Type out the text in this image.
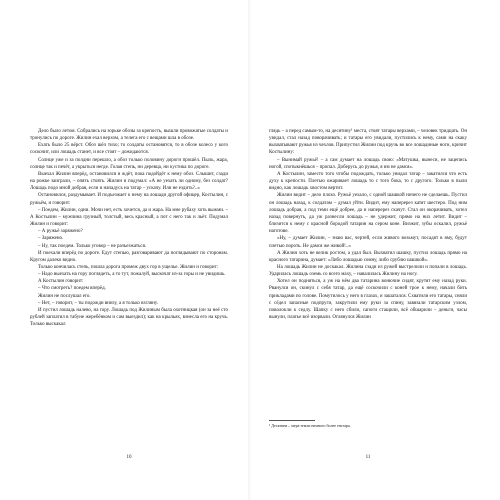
Дело было летом. Собрались на зорьке обозы за крепость, вышли провожатые солдаты и тронулись по дороге. Жилин ехал верхом, а телега его с вещами шла в обозе.

Ехать было 25 вёрст. Обоз шёл тихо; то солдаты остановятся, то в обозе колесо у кого соскочит, или лошадь станет, и все стоят – дожидаются.

Солнце уже и за полдни перешло, а обоз только половину дороги прошёл. Пыль, жара, солнце так и печёт, а укрыться негде. Голая степь, ни деревца, ни кустика по дороге.

Выехал Жилин вперёд, остановился и ждёт, пока подойдёт к нему обоз. Слышит, сзади на рожке заиграли, – опять стоять. Жилин и подумал: «А не уехать ли одному, без солдат? Лошадь подо мной добрая, если и нападусь на татар – ускачу. Или не ездить?..»

Остановился, раздумывает. И подъезжает к нему на лошади другой офицер, Костылин, с ружьём, и говорит:

– Поедем, Жилин, одни. Мочи нет, есть хочется, да и жара. На мне рубаху хоть выжми. – А Костылин – мужчина грузный, толстый, весь красный, а пот с него так и льёт. Подумал Жилин и говорит:

– А ружьё заряжено?

– Заряжено.

– Ну, так поедем. Только уговор – не разъезжаться.

И поехали вперёд по дороге. Едут степью, разговаривают да поглядывают по сторонам. Кругом далеко видно.

Только кончилась степь, пошла дорога промеж двух гор в ущелье. Жилин и говорит:

– Надо выехать на гору поглядеть, а то тут, пожалуй, выскочат из-за горы и не увидишь.

А Костылин говорит:

– Что смотреть? поедем вперёд.

Жилин не послушал его.

– Нет, – говорит, – ты подожди внизу, а я только взгляну.

И пустил лошадь налево, на гору. Лошадь под Жилиным была охотницкая (он за неё сто рублей заплатил в табуне жеребёнком и сам выездил); как на крыльях, взнесла его на кручь. Только выскакал

10

глядь – а перед самым-то, на десятину¹ места, стоят татары верхами, – человек тридцать. Он увидал, стал назад поворачивать; и татары его увидали, пустились к нему, сами на скаку выхватывают ружья из чехлов. Припустил Жилин под кручь во все лошадиные ноги, кричит Костылину:

– Вынимай ружьё! – а сам думает на лошадь свою: «Матушка, вынеси, не зацепись ногой, спотыкнёшься – пропал. Доберусь до ружья, я им не дамся».

А Костылин, заместо того чтобы подождать, только увидал татар – закатился что есть духу к крепости. Плетью ожаривает лошадь то с того бока, то с другого. Только в пыли видно, как лошадь хвостом вертит.

Жилин видит – дело плохо. Ружьё уехало, с одной шашкой ничего не сделаешь. Пустил он лошадь назад, к солдатам – думал уйти. Видит, ему наперерез катят шестеро. Под ним лошадь добрая, а под теми ещё добрее, да и наперерез скачут. Стал он окорачивать, хотел назад повернуть, да уж разнесли лошадь – не удержит, прямо на них летит. Видит – близится к нему с красной бородой татарин на сером коне. Визжит, зубы оскалил, ружьё наготове.

«Ну, – думает Жилин, – знаю вас, чертей, если живого возьмут, посадят в яму, будут плетью пороть. Не дамся же живой!..»

А Жилин хоть не велик ростом, а удал был. Выхватил шашку, пустил лошадь прямо на красного татарина, думает: «Либо лошадью сомну, либо срублю шашкой».

На лошадь Жилин не доскакал. Жилина сзади из ружей выстрелили и попали в лошадь. Ударилась лошадь оземь со всего маху, – навалилась Жилину на ногу.

Хотел он подняться, а уж на нём два татарина вонючие сидят, крутят ему назад руки. Рванулся он, скинул с себя татар, да ещё соскочили с коней трое к нему, начали бить прикладами по голове. Помутилось у него в глазах, и зашатался. Схватили его татары, сняли с сёдел запасные подпруги, закрутили ему руки за спину, завязали татарским узлом, поволокли к седлу. Шапку с него сбили, сапоги стащили, всё обшарили – деньги, часы вынули, платье всё изорвали. Оглянулся Жилин

¹ Десятина – мера земли немного более гектара.
11
